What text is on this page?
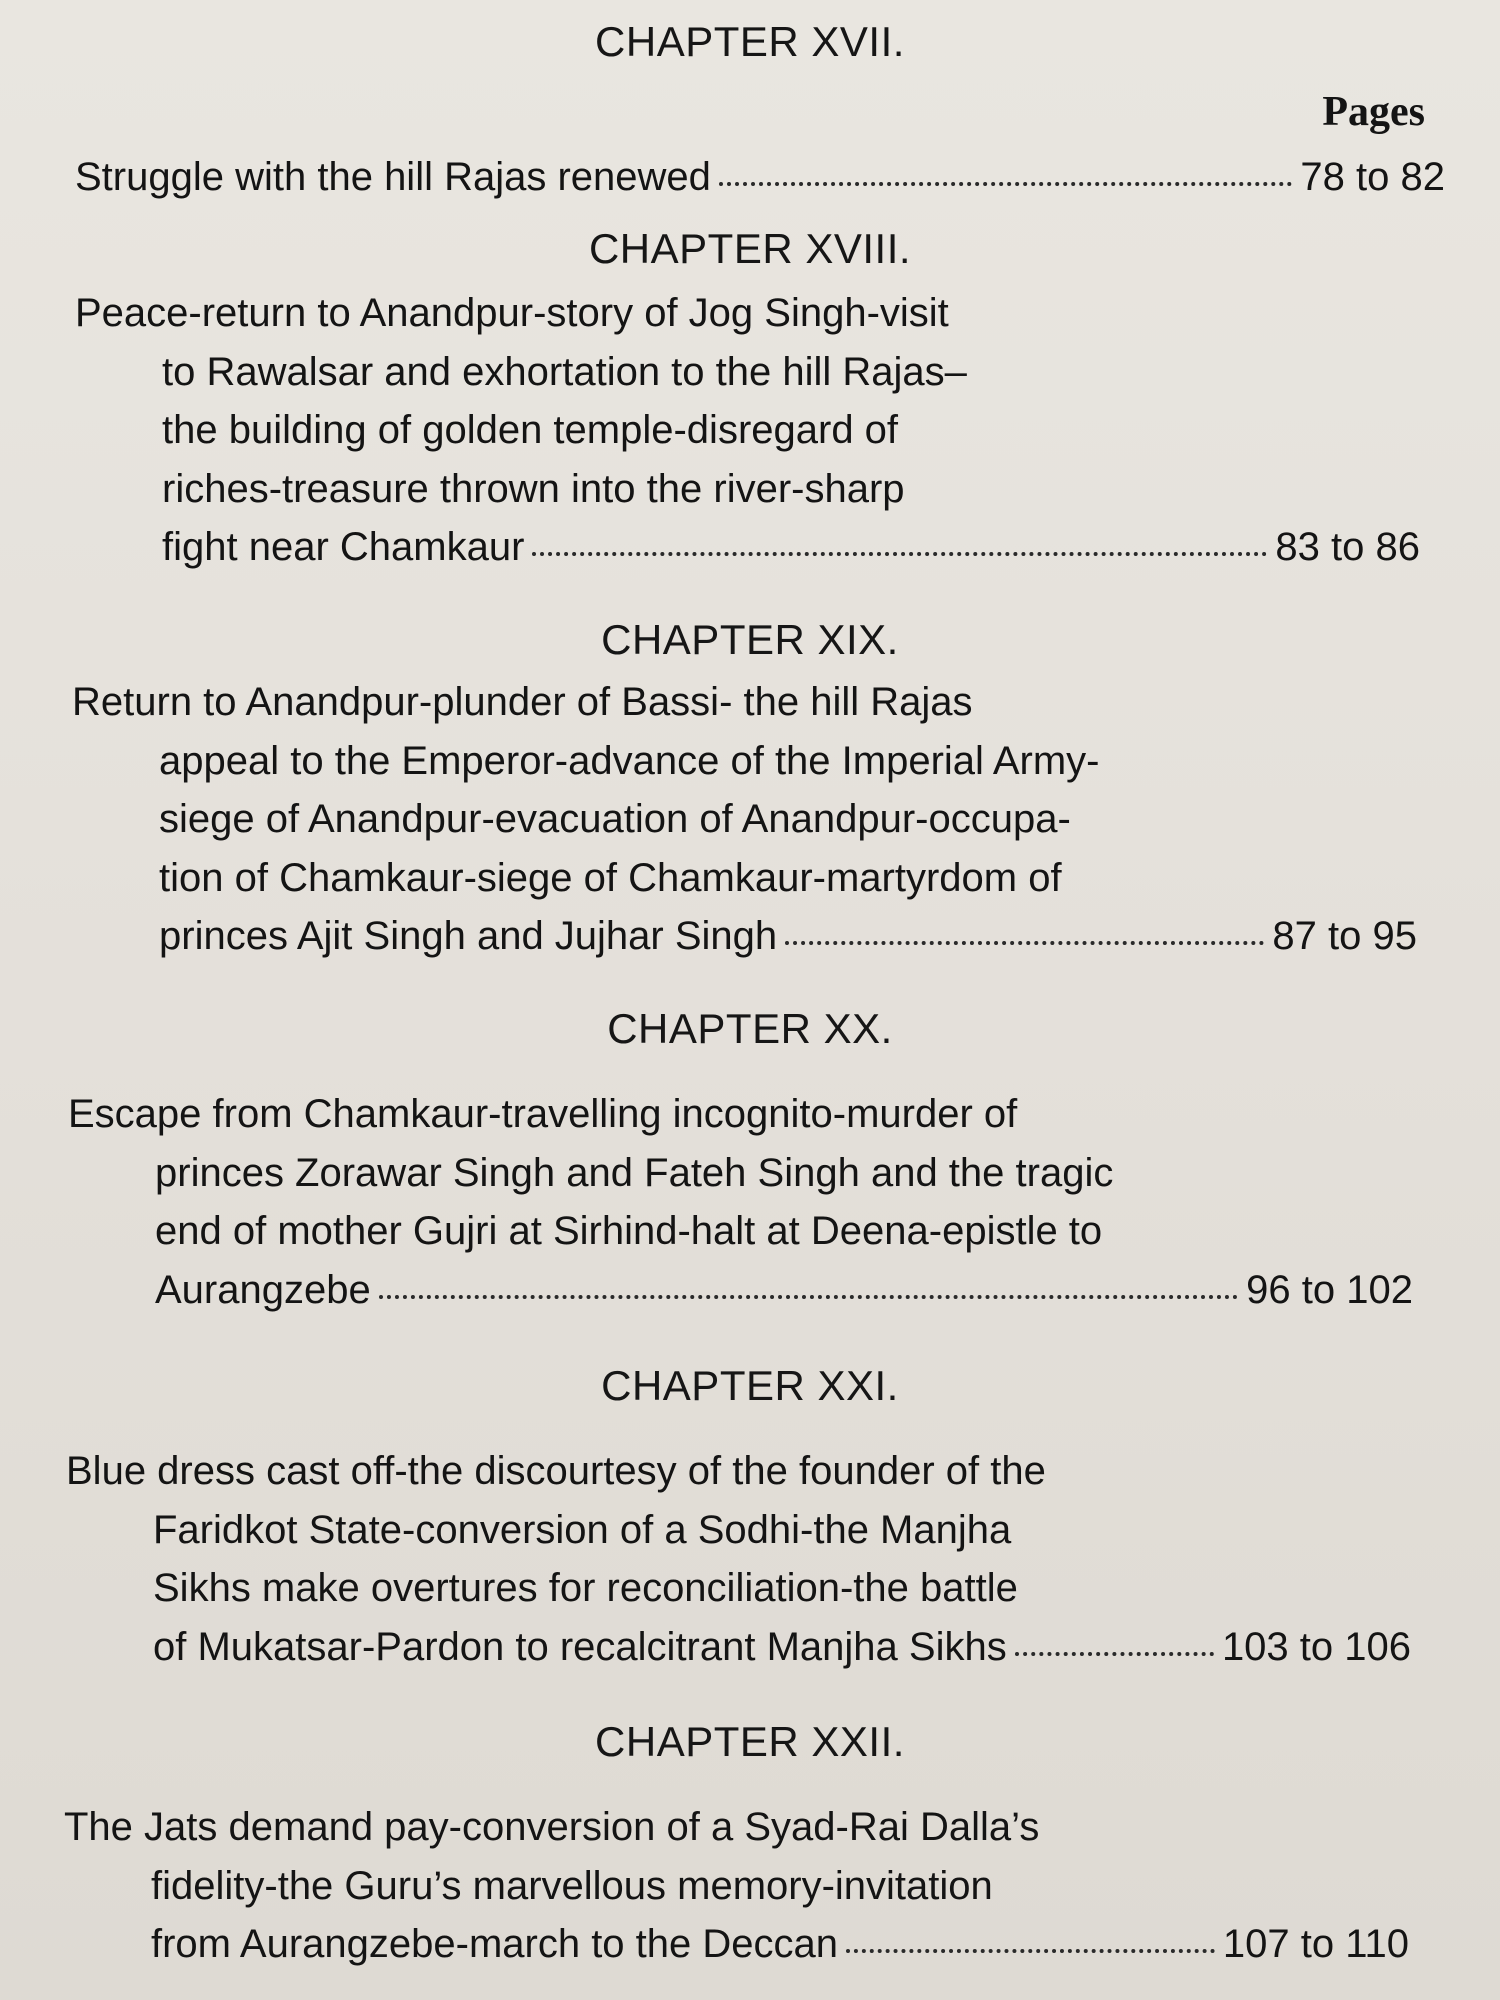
CHAPTER XVII.
Pages
Struggle with the hill Rajas renewed	78 to 82
CHAPTER XVIII.
Peace-return to Anandpur-story of Jog Singh-visit
to Rawalsar and exhortation to the hill Rajas–
the building of golden temple-disregard of
riches-treasure thrown into the river-sharp
fight near Chamkaur	83 to 86
CHAPTER XIX.
Return to Anandpur-plunder of Bassi- the hill Rajas
appeal to the Emperor-advance of the Imperial Army-
siege of Anandpur-evacuation of Anandpur-occupa-
tion of Chamkaur-siege of Chamkaur-martyrdom of
princes Ajit Singh and Jujhar Singh	87 to 95
CHAPTER XX.
Escape from Chamkaur-travelling incognito-murder of
princes Zorawar Singh and Fateh Singh and the tragic
end of mother Gujri at Sirhind-halt at Deena-epistle to
Aurangzebe	96 to 102
CHAPTER XXI.
Blue dress cast off-the discourtesy of the founder of the
Faridkot State-conversion of a Sodhi-the Manjha
Sikhs make overtures for reconciliation-the battle
of Mukatsar-Pardon to recalcitrant Manjha Sikhs	103 to 106
CHAPTER XXII.
The Jats demand pay-conversion of a Syad-Rai Dalla’s
fidelity-the Guru’s marvellous memory-invitation
from Aurangzebe-march to the Deccan	107 to 110
